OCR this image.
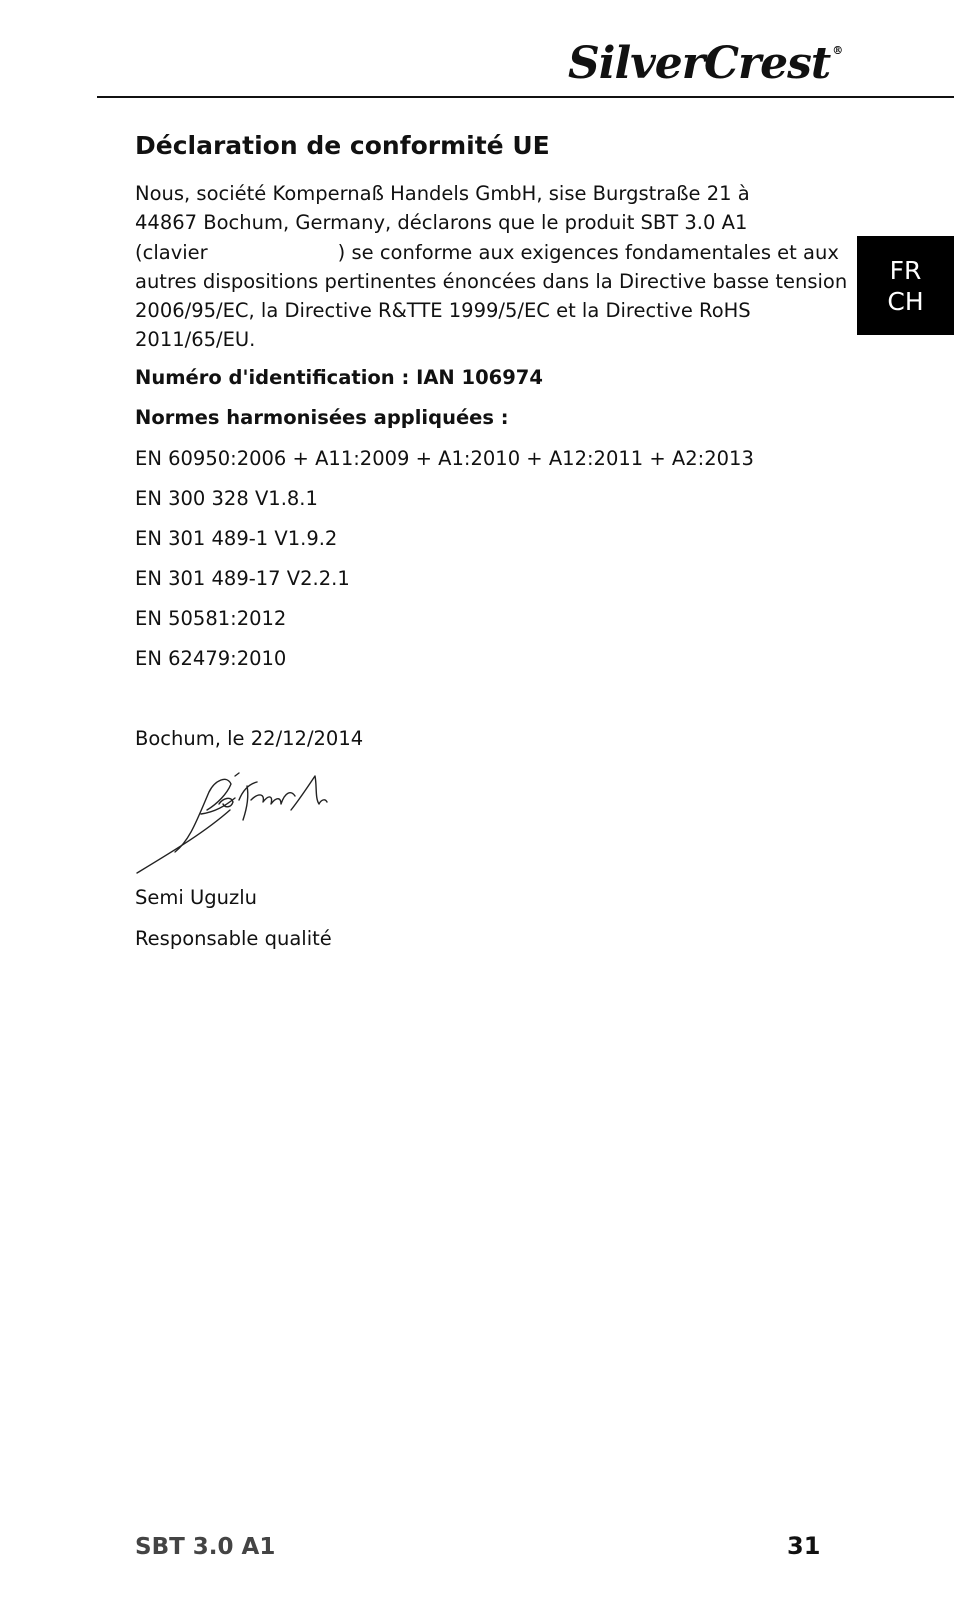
SilverCrest ®
FR
CH
Déclaration de conformité UE

Nous, société Kompernaß Handels GmbH, sise Burgstraße 21 à
44867 Bochum, Germany, déclarons que le produit SBT 3.0 A1
(clavier	) se conforme aux exigences fondamentales et aux
autres dispositions pertinentes énoncées dans la Directive basse tension
2006/95/EC, la Directive R&TTE 1999/5/EC et la Directive RoHS
2011/65/EU.

Numéro d'identification : IAN 106974
Normes harmonisées appliquées :
EN 60950:2006 + A11:2009 + A1:2010 + A12:2011 + A2:2013
EN 300 328 V1.8.1
EN 301 489-1 V1.9.2
EN 301 489-17 V2.2.1
EN 50581:2012
EN 62479:2010
Bochum, le 22/12/2014
Semi Uguzlu
Responsable qualité
SBT 3.0 A1	31
